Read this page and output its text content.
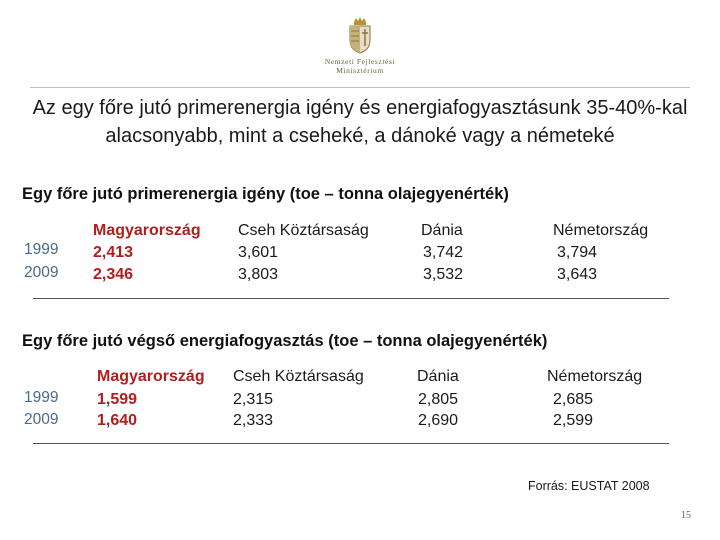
Nemzeti Fejlesztési
Minisztérium
Az egy főre jutó primerenergia igény és energiafogyasztásunk 35-40%-kal alacsonyabb, mint a cseheké, a dánoké vagy a németeké
Egy főre jutó primerenergia igény (toe – tonna olajegyenérték)
1999
2009
Magyarország
2,413
2,346
Cseh Köztársaság
3,601
3,803
Dánia
3,742
3,532
Németország
3,794
3,643
Egy főre jutó végső energiafogyasztás (toe – tonna olajegyenérték)
1999
2009
Magyarország
1,599
1,640
Cseh Köztársaság
2,315
2,333
Dánia
2,805
2,690
Németország
2,685
2,599
Forrás: EUSTAT 2008
15
